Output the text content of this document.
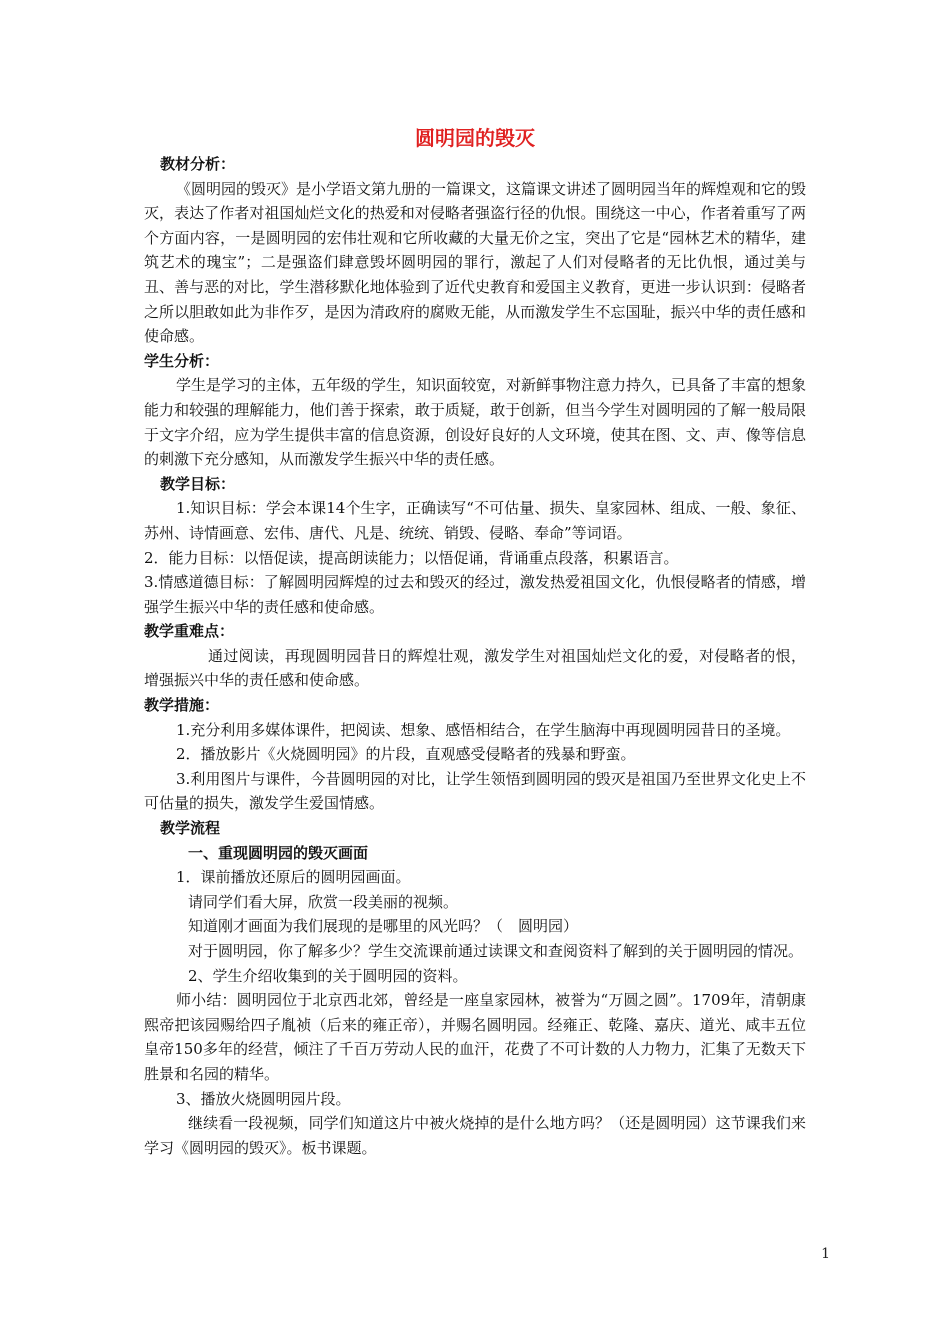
圆明园的毁灭

教材分析：

《圆明园的毁灭》是小学语文第九册的一篇课文，这篇课文讲述了圆明园当年的辉煌观和它的毁灭，表达了作者对祖国灿烂文化的热爱和对侵略者强盗行径的仇恨。围绕这一中心，作者着重写了两个方面内容，一是圆明园的宏伟壮观和它所收藏的大量无价之宝，突出了它是“园林艺术的精华，建筑艺术的瑰宝”；二是强盗们肆意毁坏圆明园的罪行，激起了人们对侵略者的无比仇恨，通过美与丑、善与恶的对比，学生潜移默化地体验到了近代史教育和爱国主义教育，更进一步认识到：侵略者之所以胆敢如此为非作歹，是因为清政府的腐败无能，从而激发学生不忘国耻，振兴中华的责任感和使命感。

学生分析：

学生是学习的主体，五年级的学生，知识面较宽，对新鲜事物注意力持久，已具备了丰富的想象能力和较强的理解能力，他们善于探索，敢于质疑，敢于创新，但当今学生对圆明园的了解一般局限于文字介绍，应为学生提供丰富的信息资源，创设好良好的人文环境，使其在图、文、声、像等信息的刺激下充分感知，从而激发学生振兴中华的责任感。

教学目标：

1.知识目标：学会本课14个生字，正确读写“不可估量、损失、皇家园林、组成、一般、象征、苏州、诗情画意、宏伟、唐代、凡是、统统、销毁、侵略、奉命”等词语。

2．能力目标：以悟促读，提高朗读能力；以悟促诵，背诵重点段落，积累语言。

3.情感道德目标：了解圆明园辉煌的过去和毁灭的经过，激发热爱祖国文化，仇恨侵略者的情感，增强学生振兴中华的责任感和使命感。

教学重难点：

通过阅读，再现圆明园昔日的辉煌壮观，激发学生对祖国灿烂文化的爱，对侵略者的恨，增强振兴中华的责任感和使命感。

教学措施：

1.充分利用多媒体课件，把阅读、想象、感悟相结合，在学生脑海中再现圆明园昔日的圣境。

2．播放影片《火烧圆明园》的片段，直观感受侵略者的残暴和野蛮。

3.利用图片与课件，今昔圆明园的对比，让学生领悟到圆明园的毁灭是祖国乃至世界文化史上不可估量的损失，激发学生爱国情感。

教学流程

一、重现圆明园的毁灭画面

1．课前播放还原后的圆明园画面。

请同学们看大屏，欣赏一段美丽的视频。

知道刚才画面为我们展现的是哪里的风光吗？（　圆明园）

对于圆明园，你了解多少？学生交流课前通过读课文和查阅资料了解到的关于圆明园的情况。

2、学生介绍收集到的关于圆明园的资料。

师小结：圆明园位于北京西北郊，曾经是一座皇家园林，被誉为“万圆之圆”。1709年，清朝康熙帝把该园赐给四子胤祯（后来的雍正帝），并赐名圆明园。经雍正、乾隆、嘉庆、道光、咸丰五位皇帝150多年的经营，倾注了千百万劳动人民的血汗，花费了不可计数的人力物力，汇集了无数天下胜景和名园的精华。

3、播放火烧圆明园片段。

继续看一段视频，同学们知道这片中被火烧掉的是什么地方吗？（还是圆明园）这节课我们来学习《圆明园的毁灭》。板书课题。

1
